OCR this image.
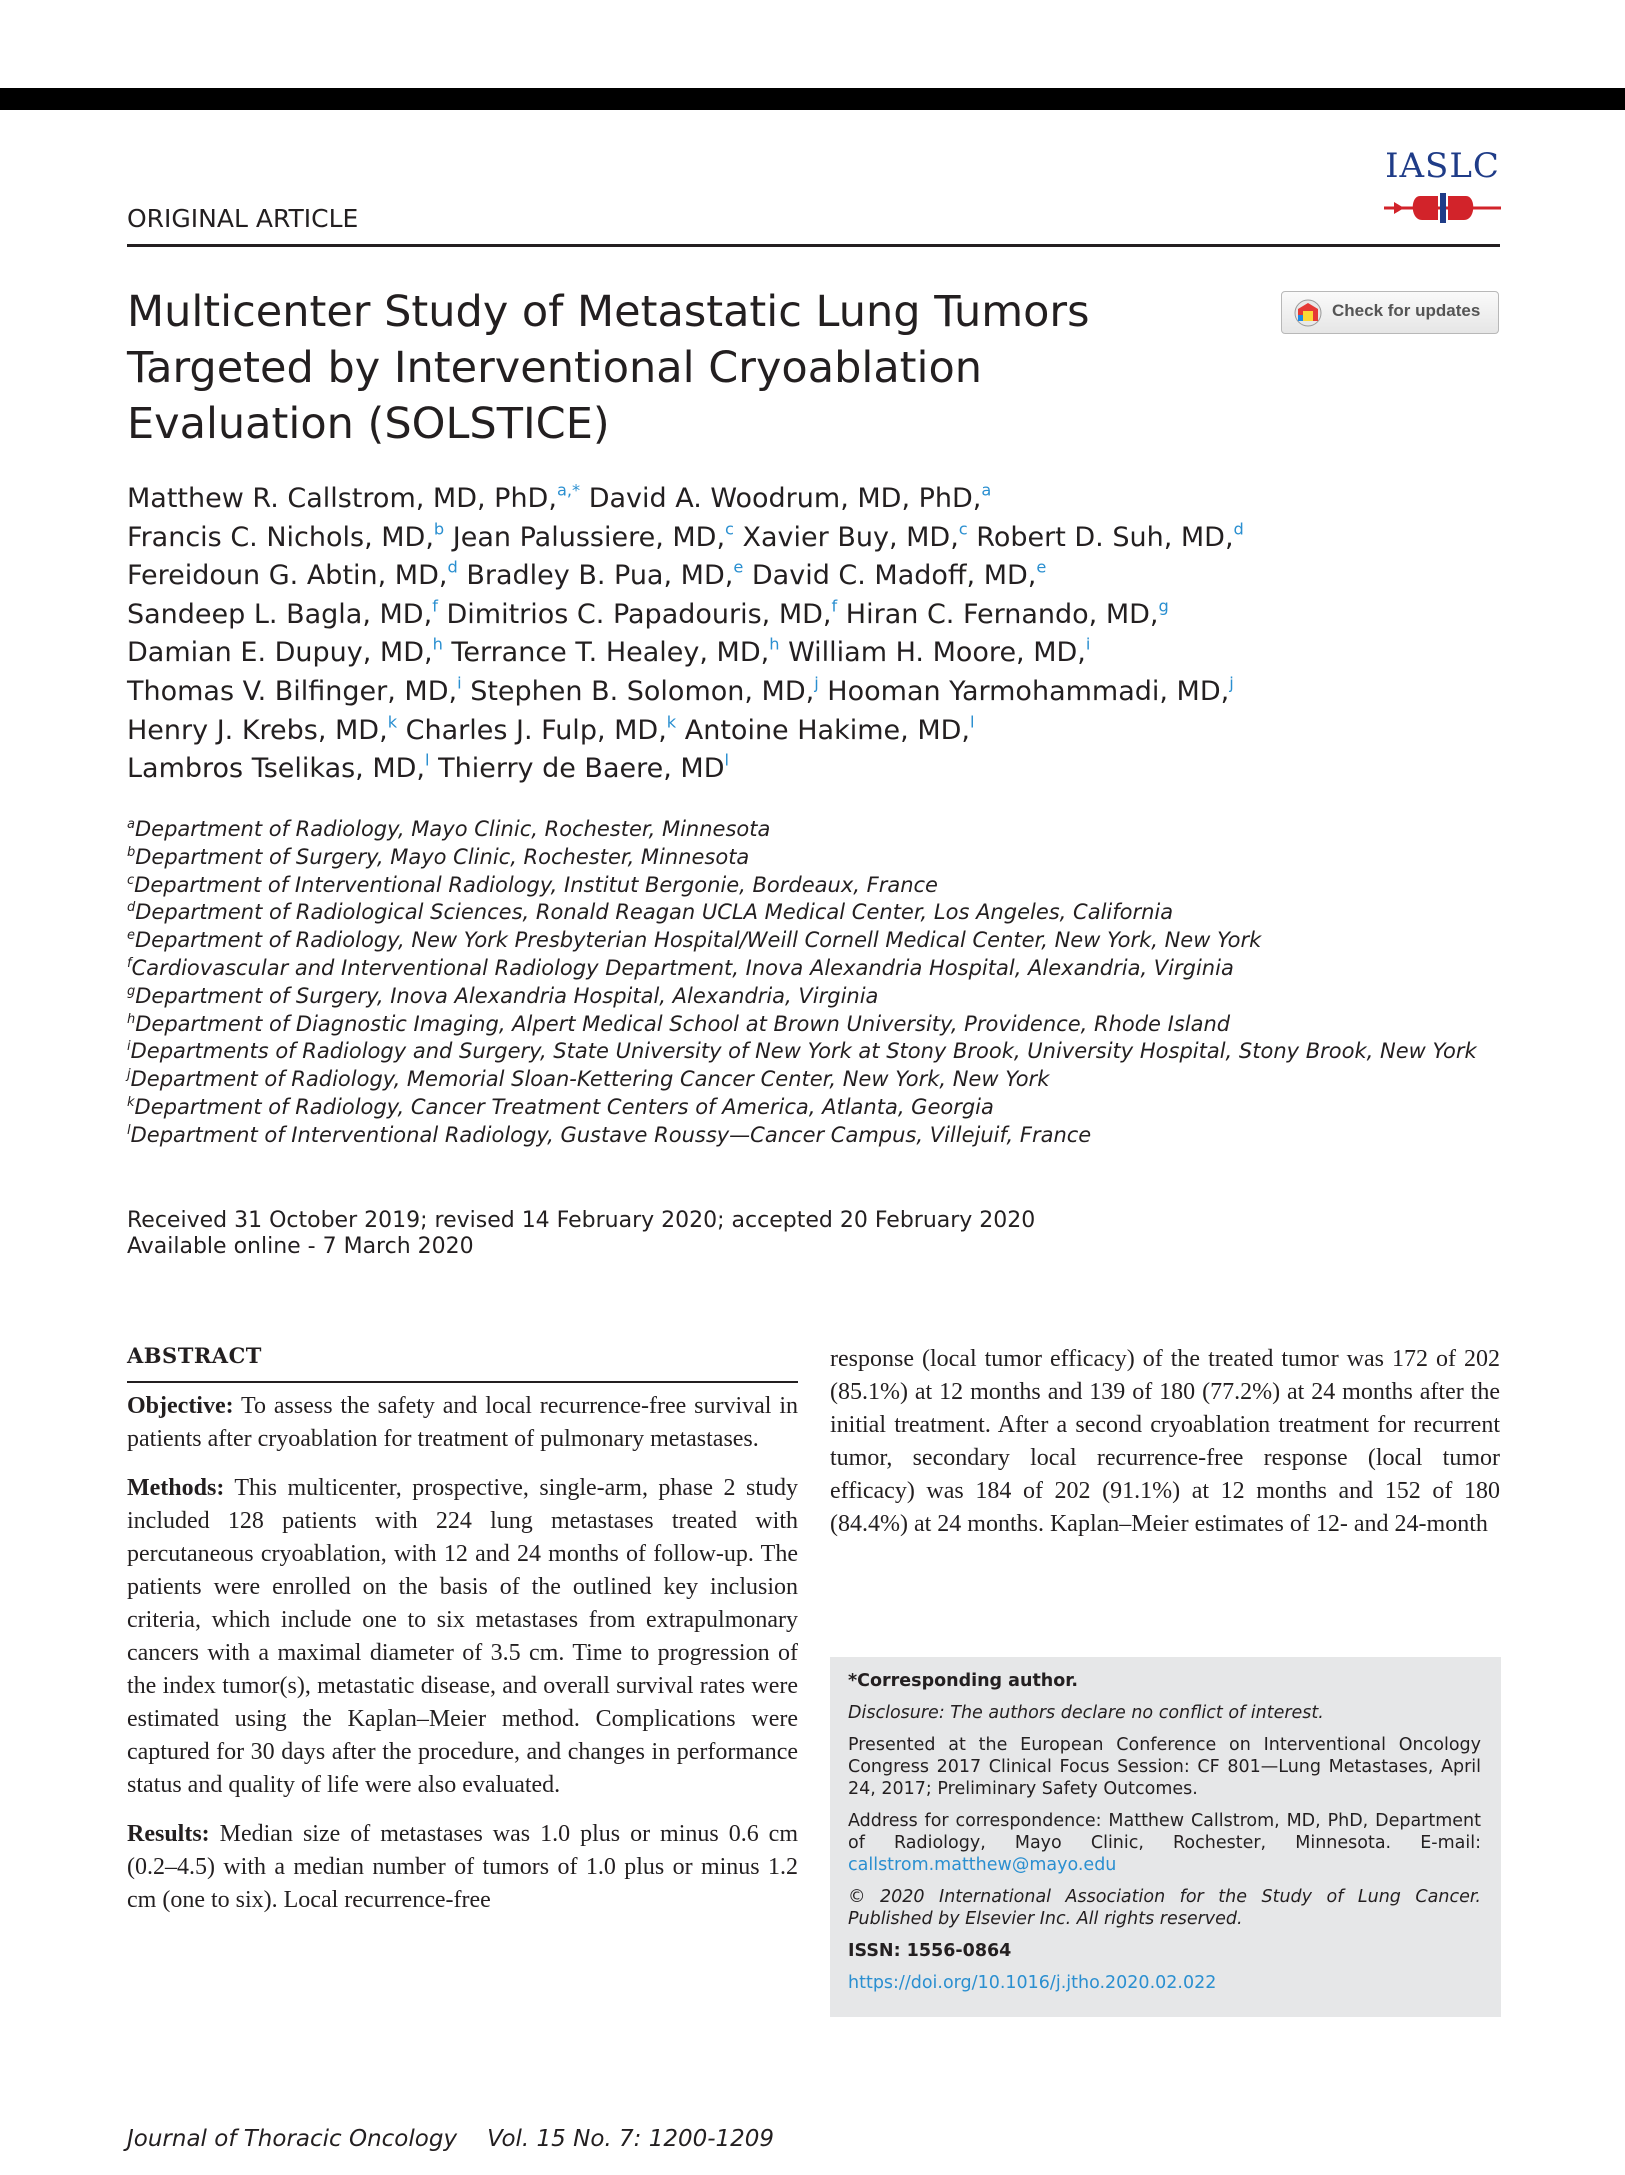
ORIGINAL ARTICLE
IASLC
Check for updates
Multicenter Study of Metastatic Lung Tumors
Targeted by Interventional Cryoablation
Evaluation (SOLSTICE)
Matthew R. Callstrom, MD, PhD,$^{a,*}$ David A. Woodrum, MD, PhD,$^a$
Francis C. Nichols, MD,$^b$ Jean Palussiere, MD,$^c$ Xavier Buy, MD,$^c$ Robert D. Suh, MD,$^d$
Fereidoun G. Abtin, MD,$^d$ Bradley B. Pua, MD,$^e$ David C. Madoff, MD,$^e$
Sandeep L. Bagla, MD,$^f$ Dimitrios C. Papadouris, MD,$^f$ Hiran C. Fernando, MD,$^g$
Damian E. Dupuy, MD,$^h$ Terrance T. Healey, MD,$^h$ William H. Moore, MD,$^i$
Thomas V. Bilfinger, MD,$^i$ Stephen B. Solomon, MD,$^j$ Hooman Yarmohammadi, MD,$^j$
Henry J. Krebs, MD,$^k$ Charles J. Fulp, MD,$^k$ Antoine Hakime, MD,$^l$
Lambros Tselikas, MD,$^l$ Thierry de Baere, $MD^l$
$^a$Department of Radiology, Mayo Clinic, Rochester, Minnesota
$^b$Department of Surgery, Mayo Clinic, Rochester, Minnesota
$^c$Department of Interventional Radiology, Institut Bergonie, Bordeaux, France
$^d$Department of Radiological Sciences, Ronald Reagan UCLA Medical Center, Los Angeles, California
$^e$Department of Radiology, New York Presbyterian Hospital/Weill Cornell Medical Center, New York, New York
$^f$Cardiovascular and Interventional Radiology Department, Inova Alexandria Hospital, Alexandria, Virginia
$^g$Department of Surgery, Inova Alexandria Hospital, Alexandria, Virginia
$^h$Department of Diagnostic Imaging, Alpert Medical School at Brown University, Providence, Rhode Island
$^i$Departments of Radiology and Surgery, State University of New York at Stony Brook, University Hospital, Stony Brook, New York
$^j$Department of Radiology, Memorial Sloan-Kettering Cancer Center, New York, New York
$^k$Department of Radiology, Cancer Treatment Centers of America, Atlanta, Georgia
$^l$Department of Interventional Radiology, Gustave Roussy—Cancer Campus, Villejuif, France
Received 31 October 2019; revised 14 February 2020; accepted 20 February 2020
Available online - 7 March 2020
ABSTRACT

Objective: To assess the safety and local recurrence-free survival in patients after cryoablation for treatment of pulmonary metastases.

Methods: This multicenter, prospective, single-arm, phase 2 study included 128 patients with 224 lung metastases treated with percutaneous cryoablation, with 12 and 24 months of follow-up. The patients were enrolled on the basis of the outlined key inclusion criteria, which include one to six metastases from extrapulmonary cancers with a maximal diameter of 3.5 cm. Time to progression of the index tumor(s), metastatic disease, and overall survival rates were estimated using the Kaplan–Meier method. Complications were captured for 30 days after the procedure, and changes in performance status and quality of life were also evaluated.

Results: Median size of metastases was 1.0 plus or minus 0.6 cm (0.2–4.5) with a median number of tumors of 1.0 plus or minus 1.2 cm (one to six). Local recurrence-free

response (local tumor efficacy) of the treated tumor was 172 of 202 (85.1%) at 12 months and 139 of 180 (77.2%) at 24 months after the initial treatment. After a second cryoablation treatment for recurrent tumor, secondary local recurrence-free response (local tumor efficacy) was 184 of 202 (91.1%) at 12 months and 152 of 180 (84.4%) at 24 months. Kaplan–Meier estimates of 12- and 24-month

*Corresponding author.

Disclosure: The authors declare no conflict of interest.

Presented at the European Conference on Interventional Oncology Congress 2017 Clinical Focus Session: CF 801—Lung Metastases, April 24, 2017; Preliminary Safety Outcomes.

Address for correspondence: Matthew Callstrom, MD, PhD, Department of Radiology, Mayo Clinic, Rochester, Minnesota. E-mail: callstrom.matthew@mayo.edu

© 2020 International Association for the Study of Lung Cancer. Published by Elsevier Inc. All rights reserved.

ISSN: 1556-0864

https://doi.org/10.1016/j.jtho.2020.02.022

Journal of Thoracic Oncology Vol. 15 No. 7: 1200-1209
